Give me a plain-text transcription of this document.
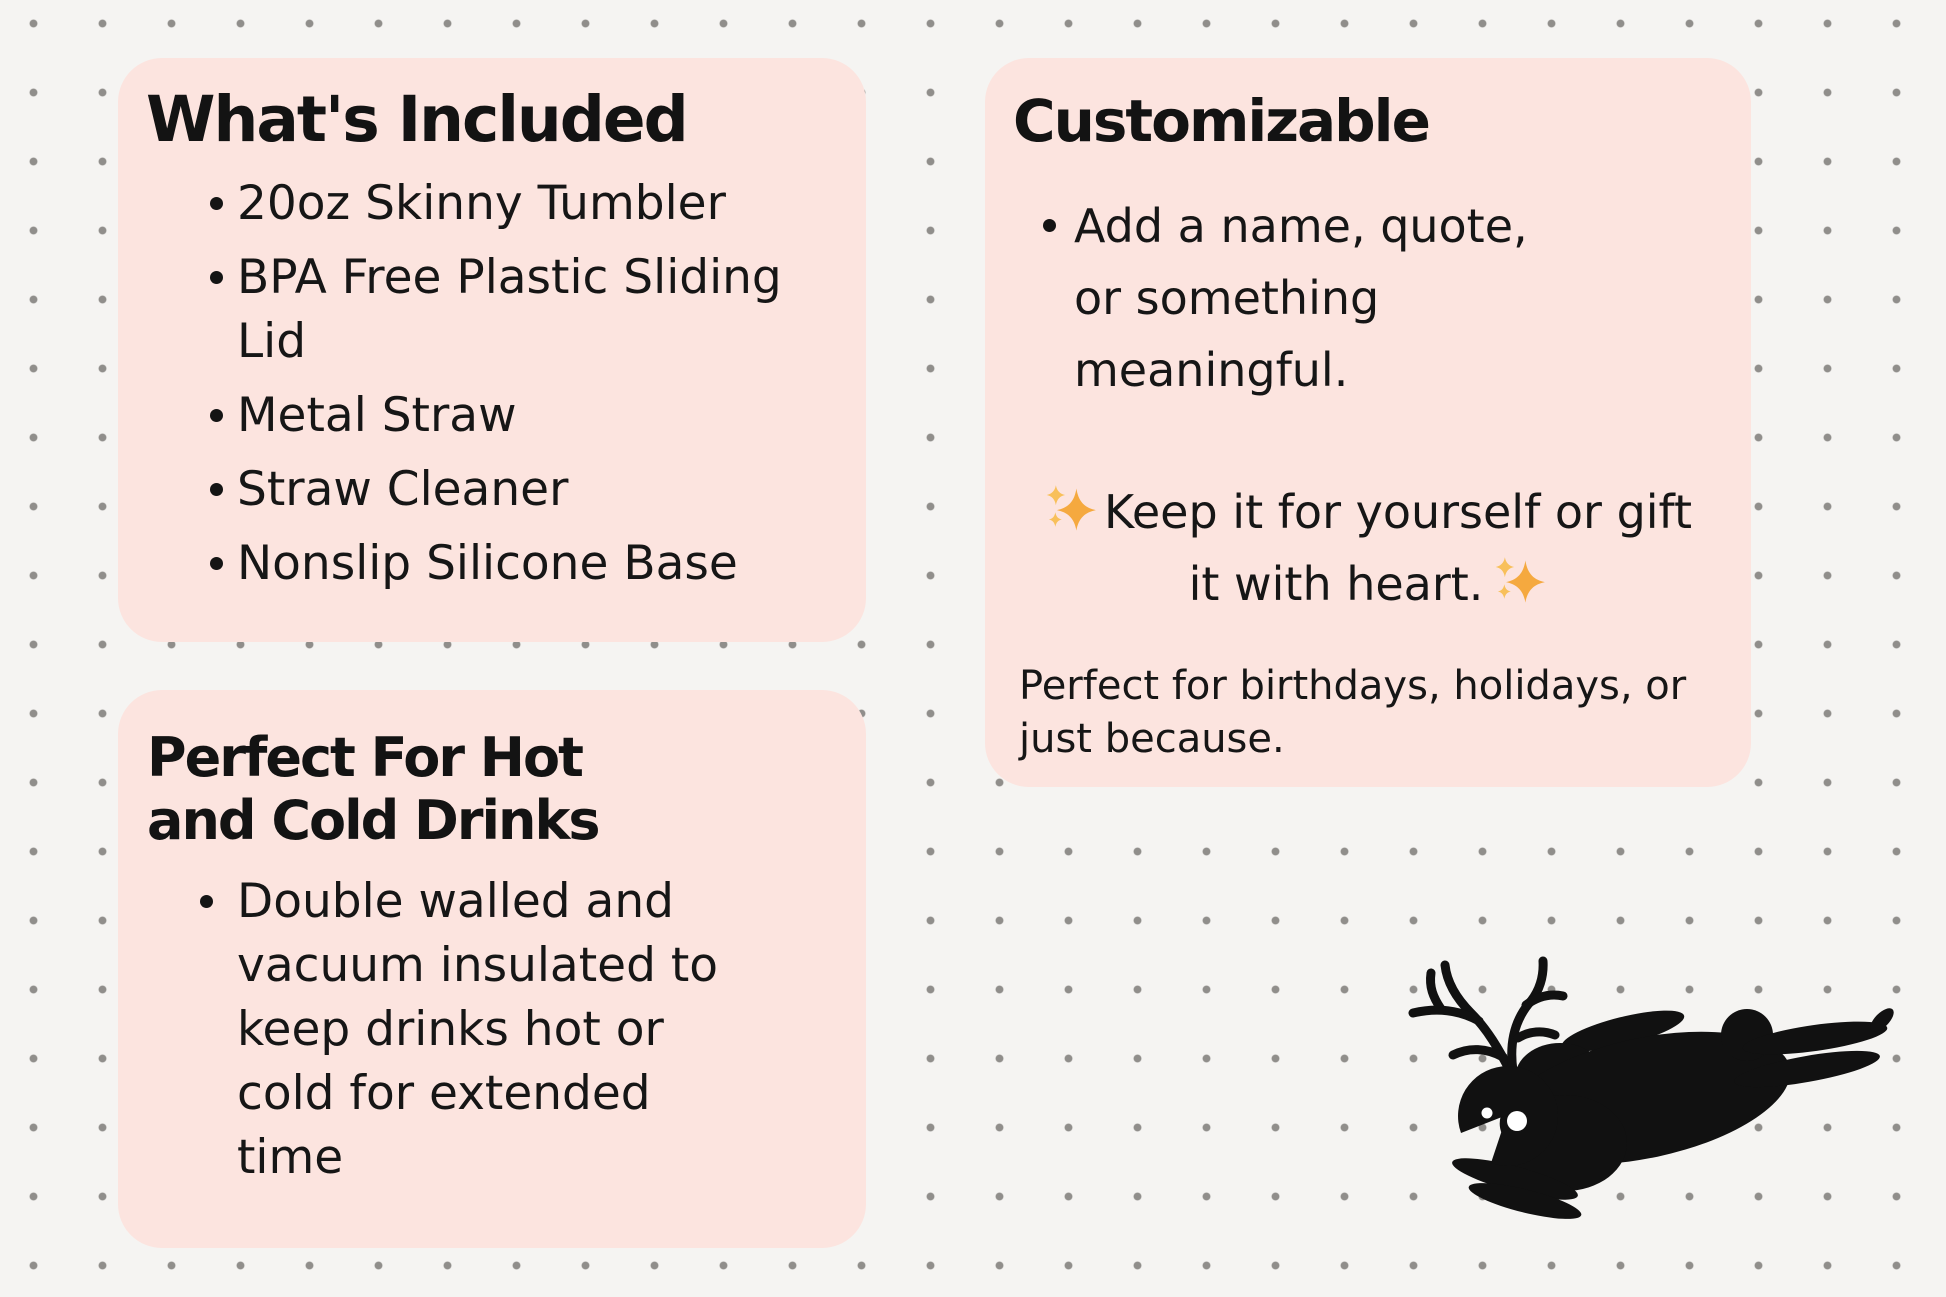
What's Included
20oz Skinny Tumbler
BPA Free Plastic Sliding Lid
Metal Straw
Straw Cleaner
Nonslip Silicone Base
Perfect For Hot and Cold Drinks
Double walled and vacuum insulated to keep drinks hot or cold for extended time
Customizable
Add a name, quote, or something meaningful.

Keep it for yourself or gift it with heart.

Perfect for birthdays, holidays, or just because.
